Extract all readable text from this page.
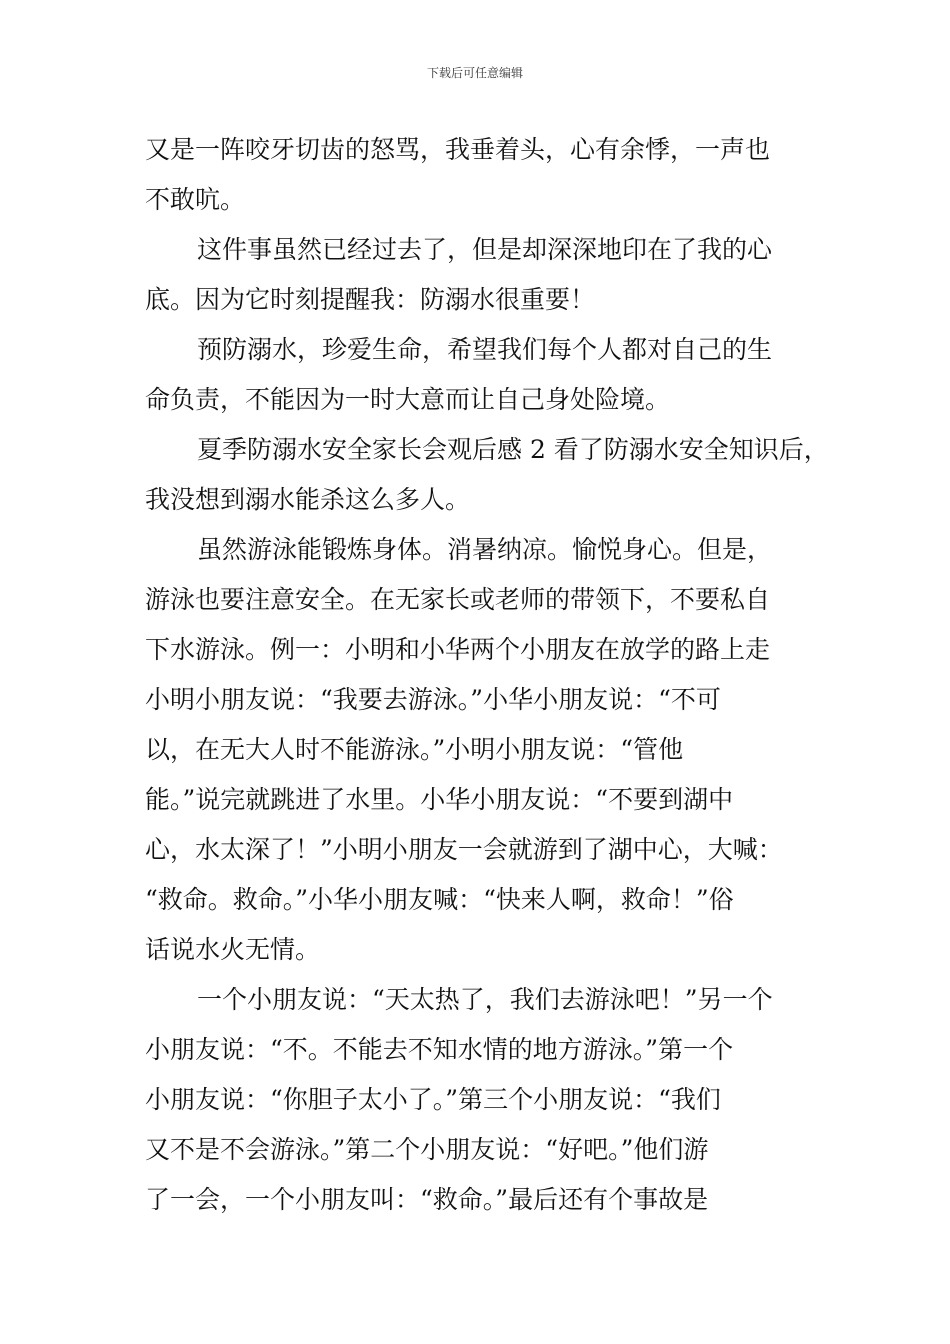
下载后可任意编辑
又是一阵咬牙切齿的怒骂，我垂着头，心有余悸，一声也
不敢吭。
这件事虽然已经过去了，但是却深深地印在了我的心
底。因为它时刻提醒我：防溺水很重要！
预防溺水，珍爱生命，希望我们每个人都对自己的生
命负责，不能因为一时大意而让自己身处险境。
夏季防溺水安全家长会观后感 2 看了防溺水安全知识后，
我没想到溺水能杀这么多人。
虽然游泳能锻炼身体。消暑纳凉。愉悦身心。但是，
游泳也要注意安全。在无家长或老师的带领下，不要私自
下水游泳。例一：小明和小华两个小朋友在放学的路上走
小明小朋友说：“我要去游泳。”小华小朋友说：“不可
以，在无大人时不能游泳。”小明小朋友说：“管他
能。”说完就跳进了水里。小华小朋友说：“不要到湖中
心，水太深了！”小明小朋友一会就游到了湖中心，大喊：
“救命。救命。”小华小朋友喊：“快来人啊，救命！”俗
话说水火无情。
一个小朋友说：“天太热了，我们去游泳吧！”另一个
小朋友说：“不。不能去不知水情的地方游泳。”第一个
小朋友说：“你胆子太小了。”第三个小朋友说：“我们
又不是不会游泳。”第二个小朋友说：“好吧。”他们游
了一会，一个小朋友叫：“救命。”最后还有个事故是
